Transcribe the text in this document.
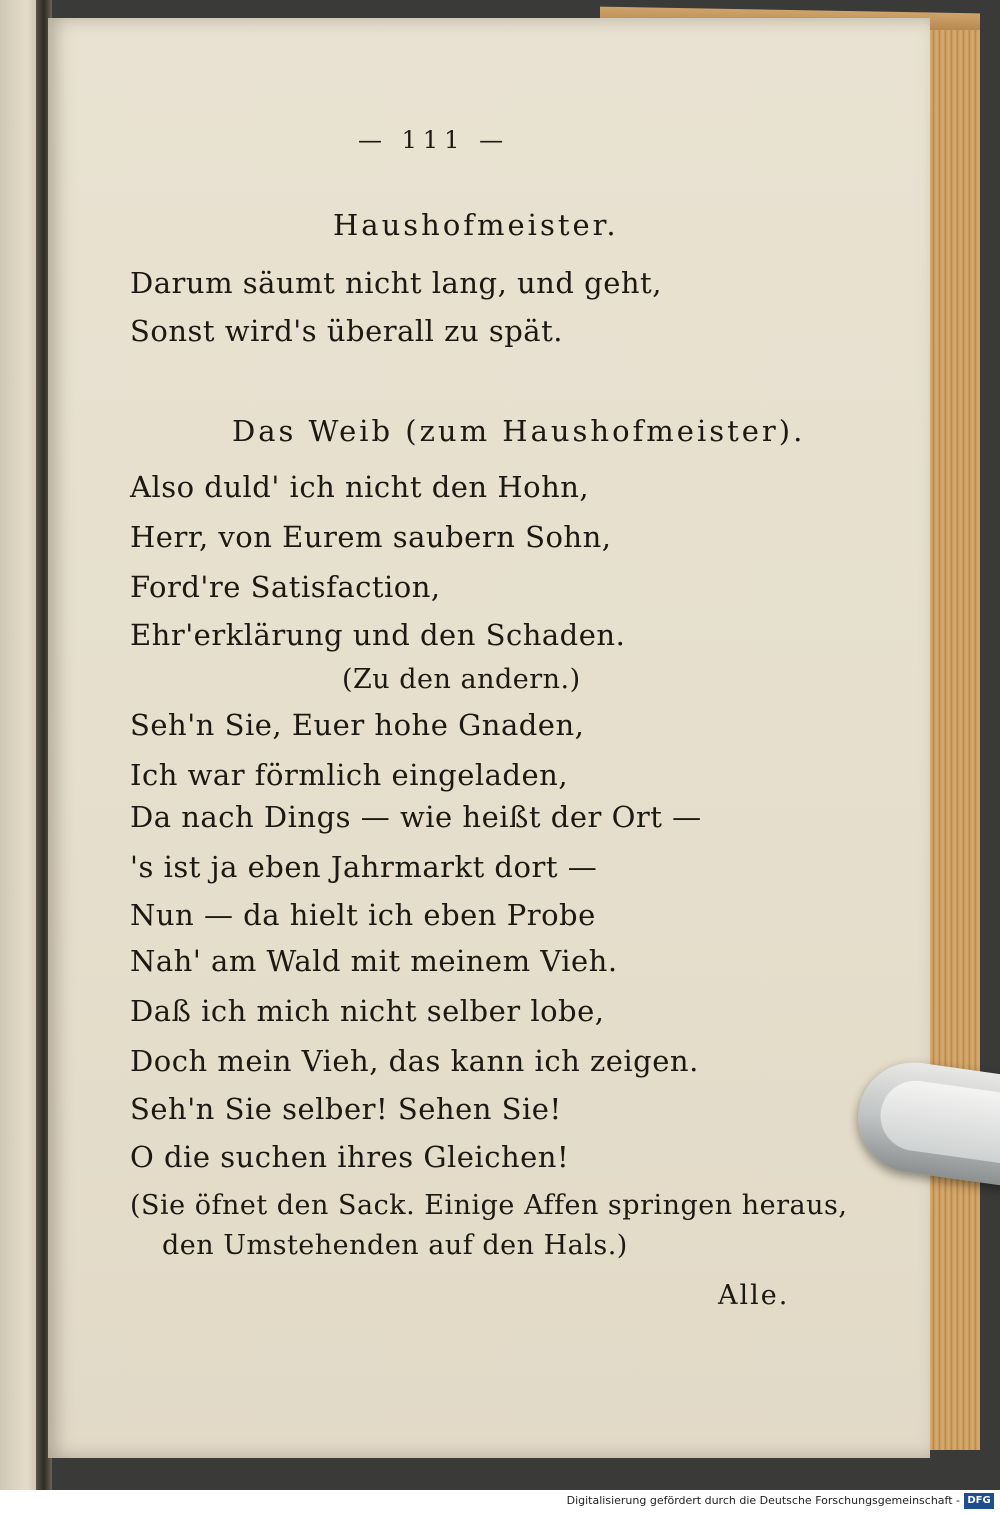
— 111 —
Haushofmeister.
Darum säumt nicht lang, und geht,
Sonst wird's überall zu spät.
Das Weib (zum Haushofmeister).
Also duld' ich nicht den Hohn,
Herr, von Eurem saubern Sohn,
Ford're Satisfaction,
Ehr'erklärung und den Schaden.
(Zu den andern.)
Seh'n Sie, Euer hohe Gnaden,
Ich war förmlich eingeladen,
Da nach Dings — wie heißt der Ort —
's ist ja eben Jahrmarkt dort —
Nun — da hielt ich eben Probe
Nah' am Wald mit meinem Vieh.
Daß ich mich nicht selber lobe,
Doch mein Vieh, das kann ich zeigen.
Seh'n Sie selber! Sehen Sie!
O die suchen ihres Gleichen!
(Sie öfnet den Sack. Einige Affen springen heraus,
den Umstehenden auf den Hals.)
Alle.
Digitalisierung gefördert durch die Deutsche Forschungsgemeinschaft - DFG
